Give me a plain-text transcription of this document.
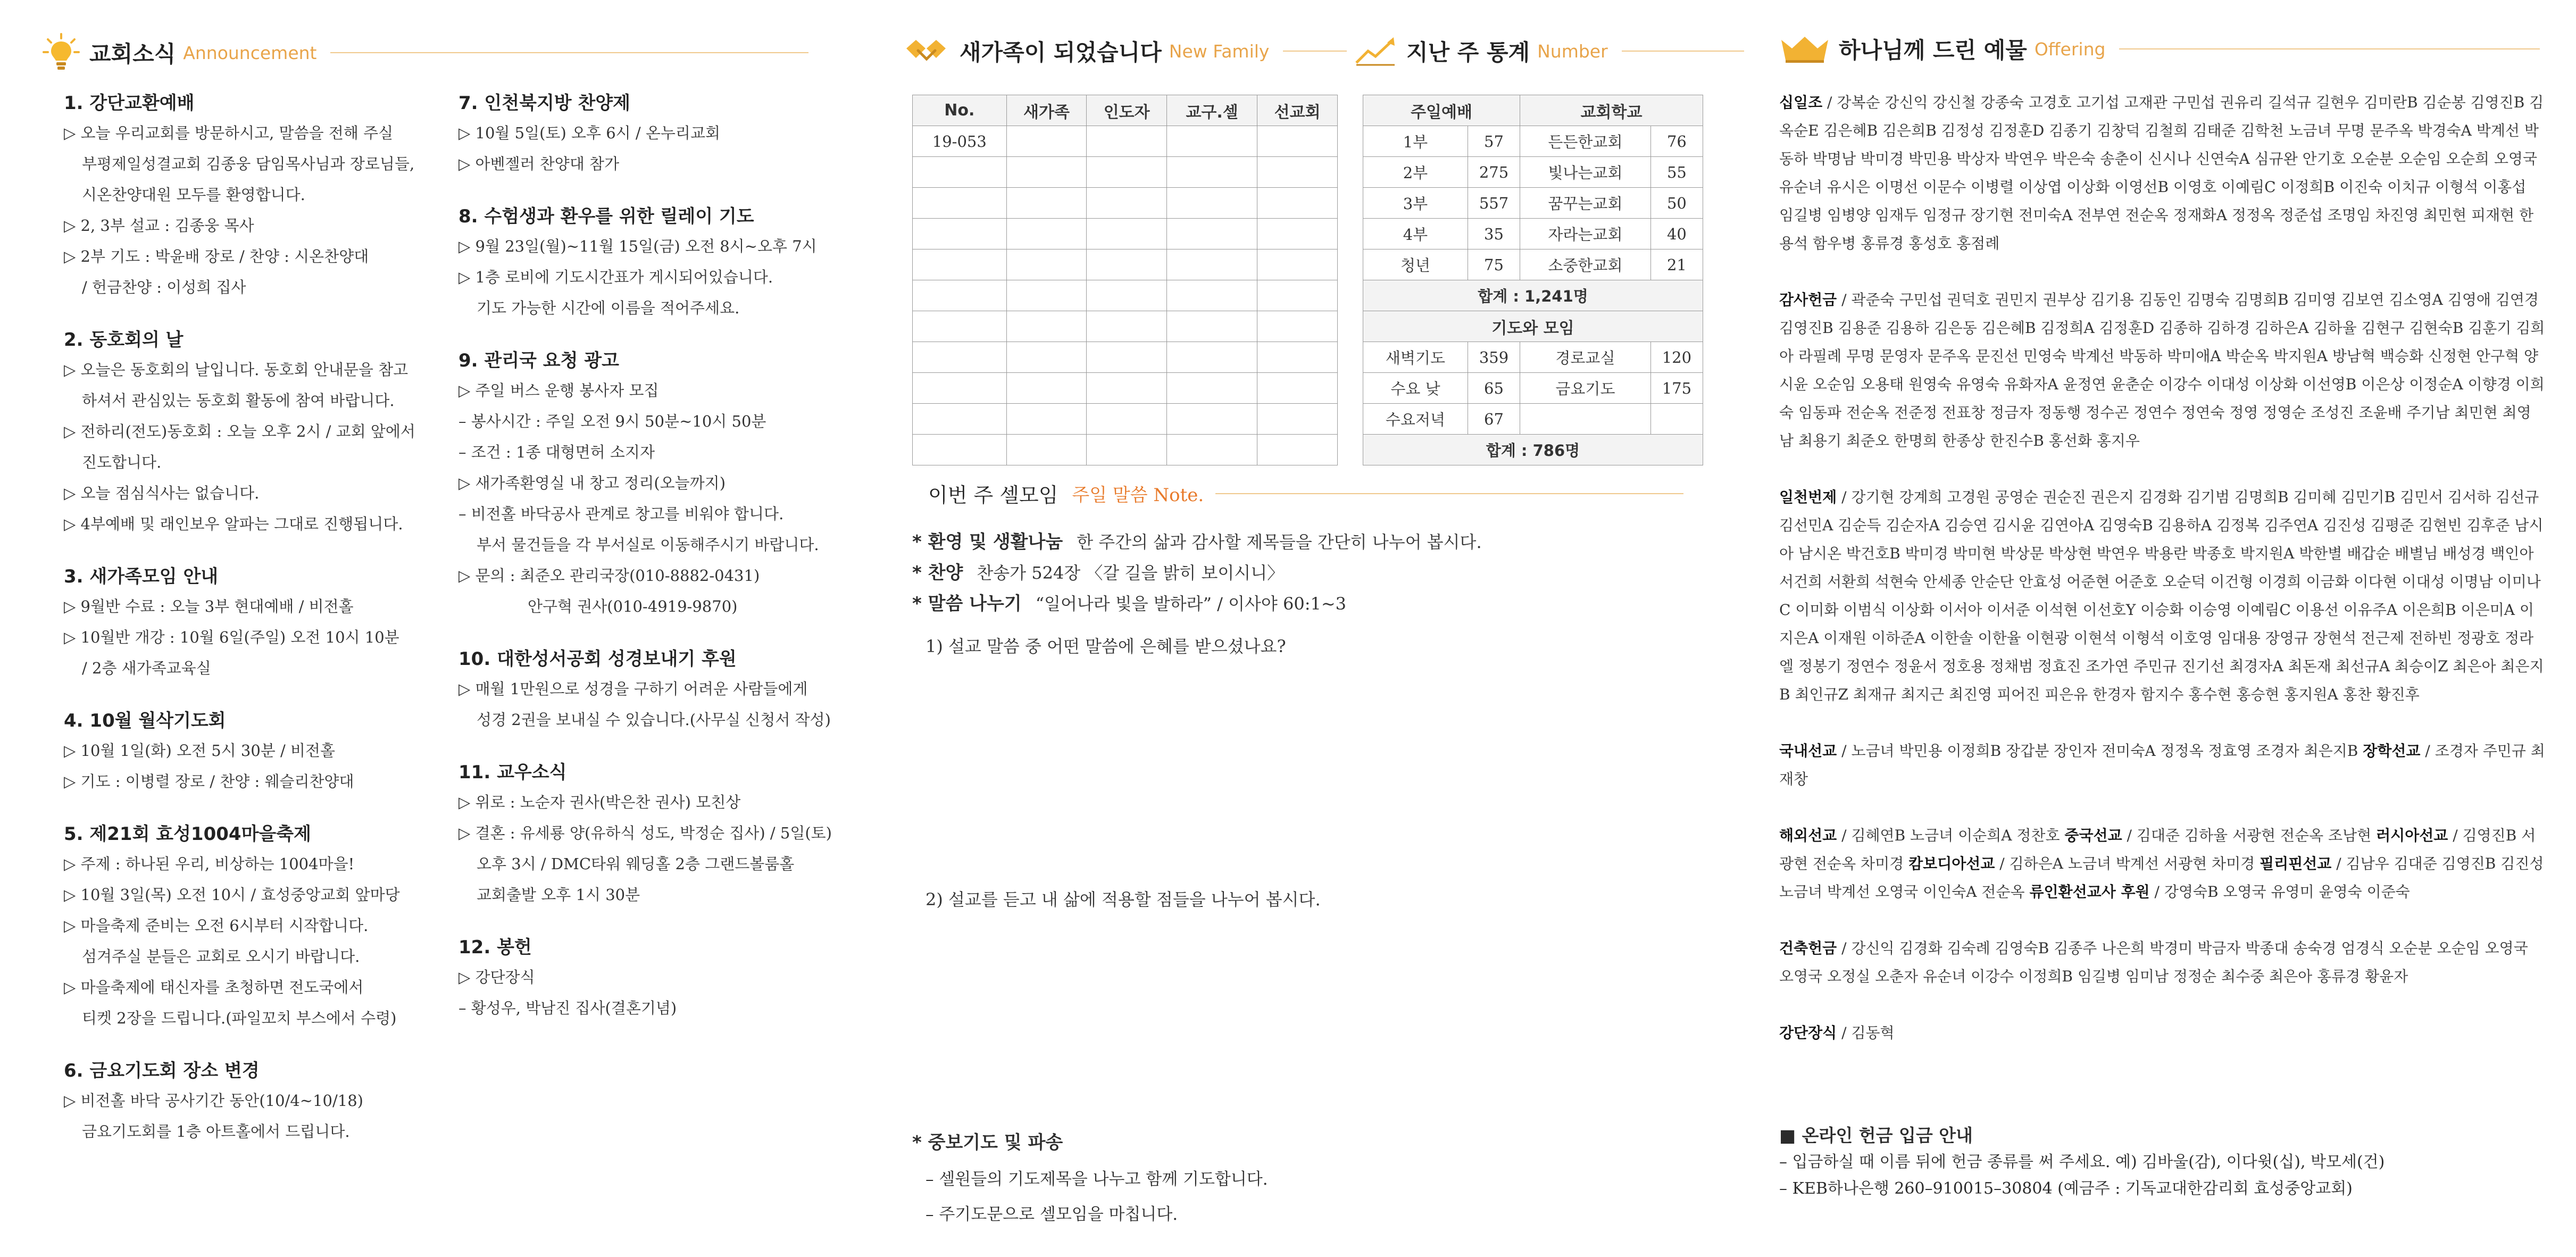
교회소식 Announcement
1. 강단교환예배
▷ 오늘 우리교회를 방문하시고, 말씀을 전해 주실
부평제일성결교회 김종웅 담임목사님과 장로님들,
시온찬양대원 모두를 환영합니다.
▷ 2, 3부 설교 : 김종웅 목사
▷ 2부 기도 : 박윤배 장로 / 찬양 : 시온찬양대
/ 헌금찬양 : 이성희 집사
2. 동호회의 날
▷ 오늘은 동호회의 날입니다. 동호회 안내문을 참고
하셔서 관심있는 동호회 활동에 참여 바랍니다.
▷ 전하리(전도)동호회 : 오늘 오후 2시 / 교회 앞에서
진도합니다.
▷ 오늘 점심식사는 없습니다.
▷ 4부예배 및 래인보우 알파는 그대로 진행됩니다.
3. 새가족모임 안내
▷ 9월반 수료 : 오늘 3부 현대예배 / 비전홀
▷ 10월반 개강 : 10월 6일(주일) 오전 10시 10분
/ 2층 새가족교육실
4. 10월 월삭기도회
▷ 10월 1일(화) 오전 5시 30분 / 비전홀
▷ 기도 : 이병렬 장로 / 찬양 : 웨슬리찬양대
5. 제21회 효성1004마을축제
▷ 주제 : 하나된 우리, 비상하는 1004마을!
▷ 10월 3일(목) 오전 10시 / 효성중앙교회 앞마당
▷ 마을축제 준비는 오전 6시부터 시작합니다.
섬겨주실 분들은 교회로 오시기 바랍니다.
▷ 마을축제에 태신자를 초청하면 전도국에서
티켓 2장을 드립니다.(파일꼬치 부스에서 수령)
6. 금요기도회 장소 변경
▷ 비전홀 바닥 공사기간 동안(10/4~10/18)
금요기도회를 1층 아트홀에서 드립니다.
7. 인천북지방 찬양제
▷ 10월 5일(토) 오후 6시 / 온누리교회
▷ 아벤젤러 찬양대 참가
8. 수험생과 환우를 위한 릴레이 기도
▷ 9월 23일(월)~11월 15일(금) 오전 8시~오후 7시
▷ 1층 로비에 기도시간표가 게시되어있습니다.
기도 가능한 시간에 이름을 적어주세요.
9. 관리국 요청 광고
▷ 주일 버스 운행 봉사자 모집
– 봉사시간 : 주일 오전 9시 50분~10시 50분
– 조건 : 1종 대형면허 소지자
▷ 새가족환영실 내 창고 정리(오늘까지)
– 비전홀 바닥공사 관계로 창고를 비워야 합니다.
부서 물건들을 각 부서실로 이동해주시기 바랍니다.
▷ 문의 : 최준오 관리국장(010-8882-0431)
안구혁 권사(010-4919-9870)
10. 대한성서공회 성경보내기 후원
▷ 매월 1만원으로 성경을 구하기 어려운 사람들에게
성경 2권을 보내실 수 있습니다.(사무실 신청서 작성)
11. 교우소식
▷ 위로 : 노순자 권사(박은찬 권사) 모친상
▷ 결혼 : 유세룡 양(유하식 성도, 박정순 집사) / 5일(토)
오후 3시 / DMC타워 웨딩홀 2층 그랜드볼룸홀
교회출발 오후 1시 30분
12. 봉헌
▷ 강단장식
– 황성우, 박남진 집사(결혼기념)
새가족이 되었습니다 New Family	지난 주 통계 Number
No.	새가족	인도자	교구.셀	선교회
19-053				

주일예배		교회학교	
1부	57	든든한교회	76
2부	275	빛나는교회	55
3부	557	꿈꾸는교회	50
4부	35	자라는교회	40
청년	75	소중한교회	21
합계 : 1,241명			
기도와 모임			
새벽기도	359	경로교실	120
수요 낮	65	금요기도	175
수요저녁	67		
합계 : 786명			
이번 주 셀모임 주일 말씀 Note.
* 환영 및 생활나눔 한 주간의 삶과 감사할 제목들을 간단히 나누어 봅시다.
* 찬양 찬송가 524장 〈갈 길을 밝히 보이시니〉
* 말씀 나누기 “일어나라 빛을 발하라” / 이사야 60:1~3
1) 설교 말씀 중 어떤 말씀에 은혜를 받으셨나요?
2) 설교를 듣고 내 삶에 적용할 점들을 나누어 봅시다.
* 중보기도 및 파송
– 셀원들의 기도제목을 나누고 함께 기도합니다.
– 주기도문으로 셀모임을 마칩니다.
하나님께 드린 예물 Offering

십일조 / 강복순 강신익 강신철 강종숙 고경호 고기섭 고재관 구민섭 권유리 길석규 길현우 김미란B 김순봉 김영진B 김옥순E 김은혜B 김은희B 김정성 김정훈D 김종기 김창덕 김철희 김태준 김학천 노금녀 무명 문주옥 박경숙A 박계선 박동하 박명남 박미경 박민용 박상자 박연우 박은숙 송춘이 신시나 신연숙A 심규완 안기호 오순분 오순임 오순희 오영국 유순녀 유시은 이명선 이문수 이병렬 이상엽 이상화 이영선B 이영호 이예림C 이정희B 이진숙 이치규 이형석 이홍섭 임길병 임병양 임재두 임정규 장기현 전미숙A 전부연 전순옥 정재화A 정정옥 정준섭 조명임 차진영 최민현 피재현 한용석 함우병 홍류경 홍성호 홍점례

감사헌금 / 곽준숙 구민섭 권덕호 권민지 권부상 김기용 김동인 김명숙 김명희B 김미영 김보연 김소영A 김영애 김연경 김영진B 김용준 김용하 김은동 김은혜B 김정희A 김정훈D 김종하 김하경 김하은A 김하율 김현구 김현숙B 김훈기 김희아 라필례 무명 문영자 문주옥 문진선 민영숙 박계선 박동하 박미애A 박순옥 박지원A 방남혁 백승화 신정현 안구혁 양시윤 오순임 오용태 원영숙 유영숙 유화자A 윤정연 윤춘순 이강수 이대성 이상화 이선영B 이은상 이정순A 이향경 이희숙 임동파 전순옥 전준정 전표창 정금자 정동행 정수곤 정연수 정연숙 정영 정영순 조성진 조윤배 주기남 최민현 최영남 최용기 최준오 한명희 한종상 한진수B 홍선화 홍지우

일천번제 / 강기현 강계희 고경원 공영순 권순진 권은지 김경화 김기범 김명희B 김미혜 김민기B 김민서 김서하 김선규 김선민A 김순득 김순자A 김승연 김시윤 김연아A 김영숙B 김용하A 김정복 김주연A 김진성 김평준 김현빈 김후준 남시아 남시온 박건호B 박미경 박미현 박상문 박상현 박연우 박용란 박종호 박지원A 박한별 배갑순 배별님 배성경 백인아 서건희 서환희 석현숙 안세종 안순단 안효성 어준현 어준호 오순덕 이건형 이경희 이금화 이다현 이대성 이명남 이미나C 이미화 이범식 이상화 이서아 이서준 이석현 이선호Y 이승화 이승영 이예림C 이용선 이유주A 이은희B 이은미A 이지은A 이재원 이하준A 이한솔 이한율 이현광 이현석 이형석 이호영 임대용 장영규 장현석 전근제 전하빈 정광호 정라엘 정봉기 정연수 정윤서 정호용 정채범 정효진 조가연 주민규 진기선 최경자A 최돈재 최선규A 최승이Z 최은아 최은지B 최인규Z 최재규 최지근 최진영 피어진 피은유 한경자 함지수 홍수현 홍승현 홍지원A 홍찬 황진후

국내선교 / 노금녀 박민용 이정희B 장갑분 장인자 전미숙A 정정옥 정효영 조경자 최은지B 장학선교 / 조경자 주민규 최재창

해외선교 / 김혜연B 노금녀 이순희A 정찬호 중국선교 / 김대준 김하율 서광현 전순옥 조남현 러시아선교 / 김영진B 서광현 전순옥 차미경 캄보디아선교 / 김하은A 노금녀 박계선 서광현 차미경 필리핀선교 / 김남우 김대준 김영진B 김진성 노금녀 박계선 오영국 이인숙A 전순옥 류인환선교사 후원 / 강영숙B 오영국 유영미 윤영숙 이준숙

건축헌금 / 강신익 김경화 김숙례 김영숙B 김종주 나은희 박경미 박금자 박종대 송숙경 엄경식 오순분 오순임 오영국 오영국 오정실 오춘자 유순녀 이강수 이정희B 임길병 임미남 정정순 최수중 최은아 홍류경 황윤자

강단장식 / 김동혁

■ 온라인 헌금 입금 안내
– 입금하실 때 이름 뒤에 헌금 종류를 써 주세요. 예) 김바울(감), 이다윗(십), 박모세(건)
– KEB하나은행 260–910015–30804 (예금주 : 기독교대한감리회 효성중앙교회)
